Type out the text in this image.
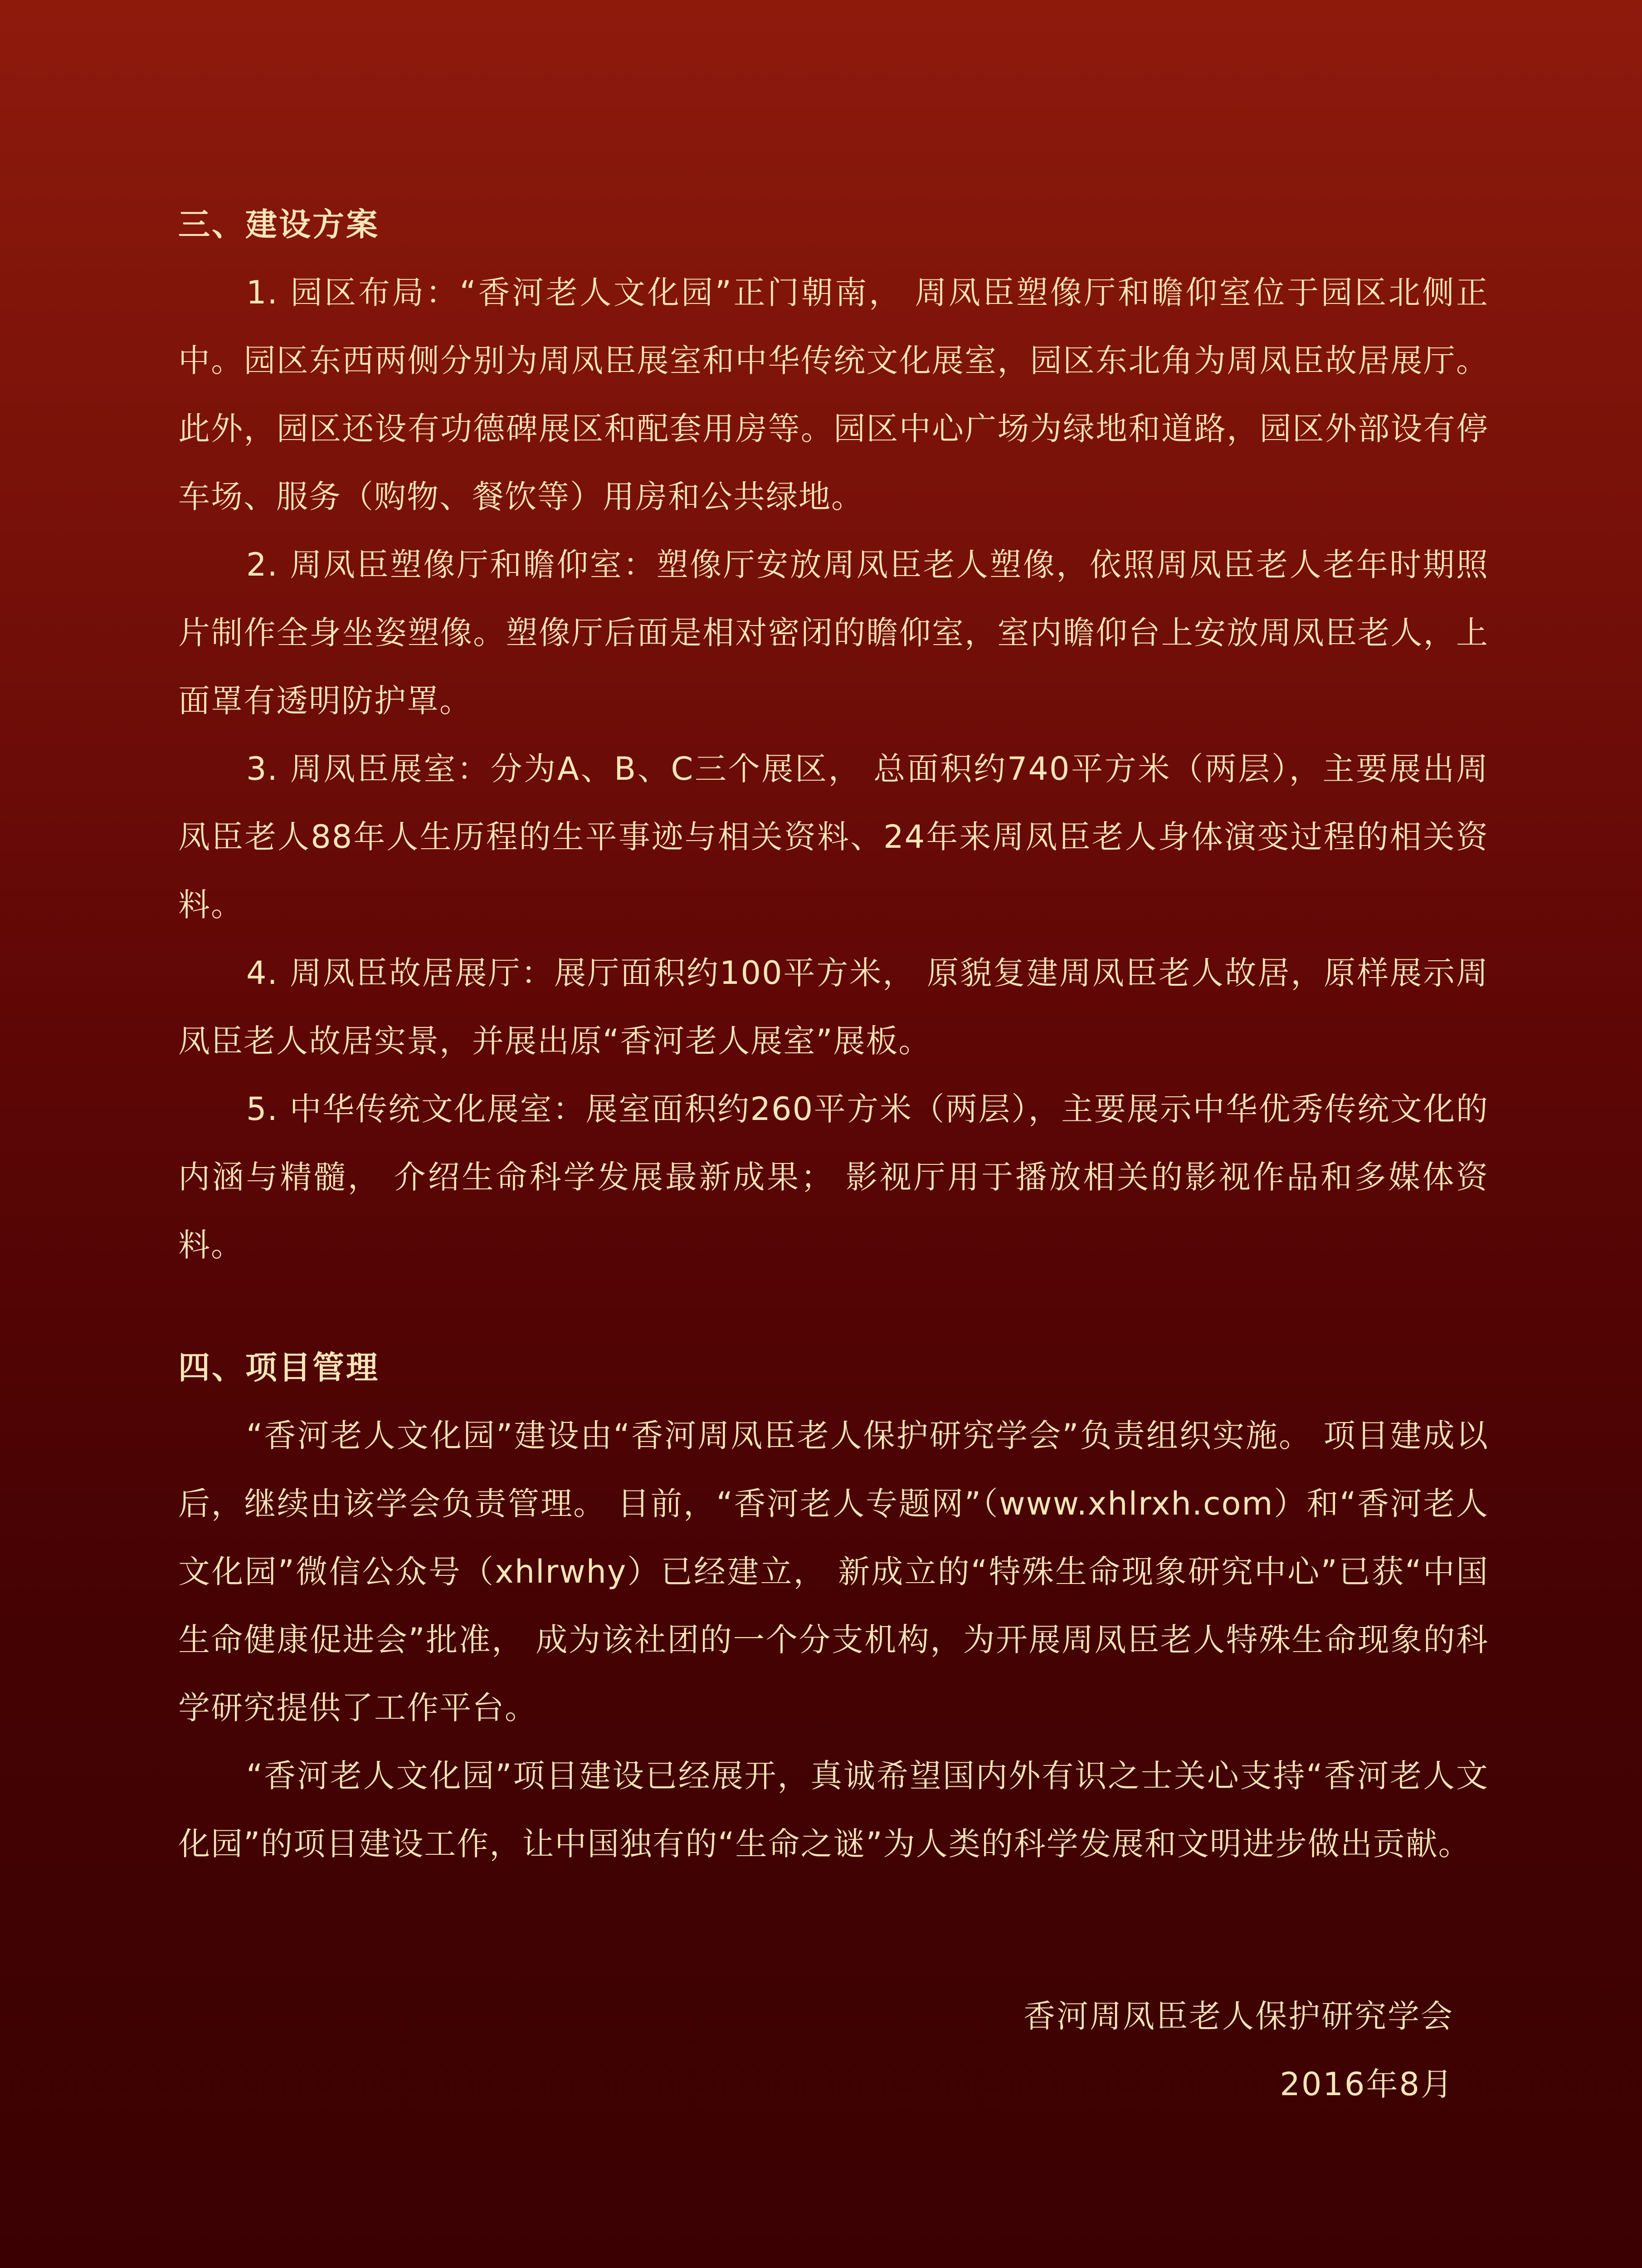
三、建设方案

1. 园区布局：“香河老人文化园”正门朝南， 周凤臣塑像厅和瞻仰室位于园区北侧正中。园区东西两侧分别为周凤臣展室和中华传统文化展室，园区东北角为周凤臣故居展厅。此外，园区还设有功德碑展区和配套用房等。园区中心广场为绿地和道路，园区外部设有停车场、服务（购物、餐饮等）用房和公共绿地。

2. 周凤臣塑像厅和瞻仰室：塑像厅安放周凤臣老人塑像，依照周凤臣老人老年时期照片制作全身坐姿塑像。塑像厅后面是相对密闭的瞻仰室，室内瞻仰台上安放周凤臣老人，上面罩有透明防护罩。

3. 周凤臣展室：分为A、B、C三个展区， 总面积约740平方米（两层），主要展出周凤臣老人88年人生历程的生平事迹与相关资料、24年来周凤臣老人身体演变过程的相关资料。

4. 周凤臣故居展厅：展厅面积约100平方米， 原貌复建周凤臣老人故居，原样展示周凤臣老人故居实景，并展出原“香河老人展室”展板。

5. 中华传统文化展室：展室面积约260平方米（两层），主要展示中华优秀传统文化的内涵与精髓， 介绍生命科学发展最新成果； 影视厅用于播放相关的影视作品和多媒体资料。

四、项目管理

“香河老人文化园”建设由“香河周凤臣老人保护研究学会”负责组织实施。 项目建成以后，继续由该学会负责管理。 目前，“香河老人专题网”（www.xhlrxh.com）和“香河老人文化园”微信公众号（xhlrwhy）已经建立， 新成立的“特殊生命现象研究中心”已获“中国生命健康促进会”批准， 成为该社团的一个分支机构，为开展周凤臣老人特殊生命现象的科学研究提供了工作平台。

“香河老人文化园”项目建设已经展开，真诚希望国内外有识之士关心支持“香河老人文化园”的项目建设工作，让中国独有的“生命之谜”为人类的科学发展和文明进步做出贡献。

香河周凤臣老人保护研究学会
2016年8月
